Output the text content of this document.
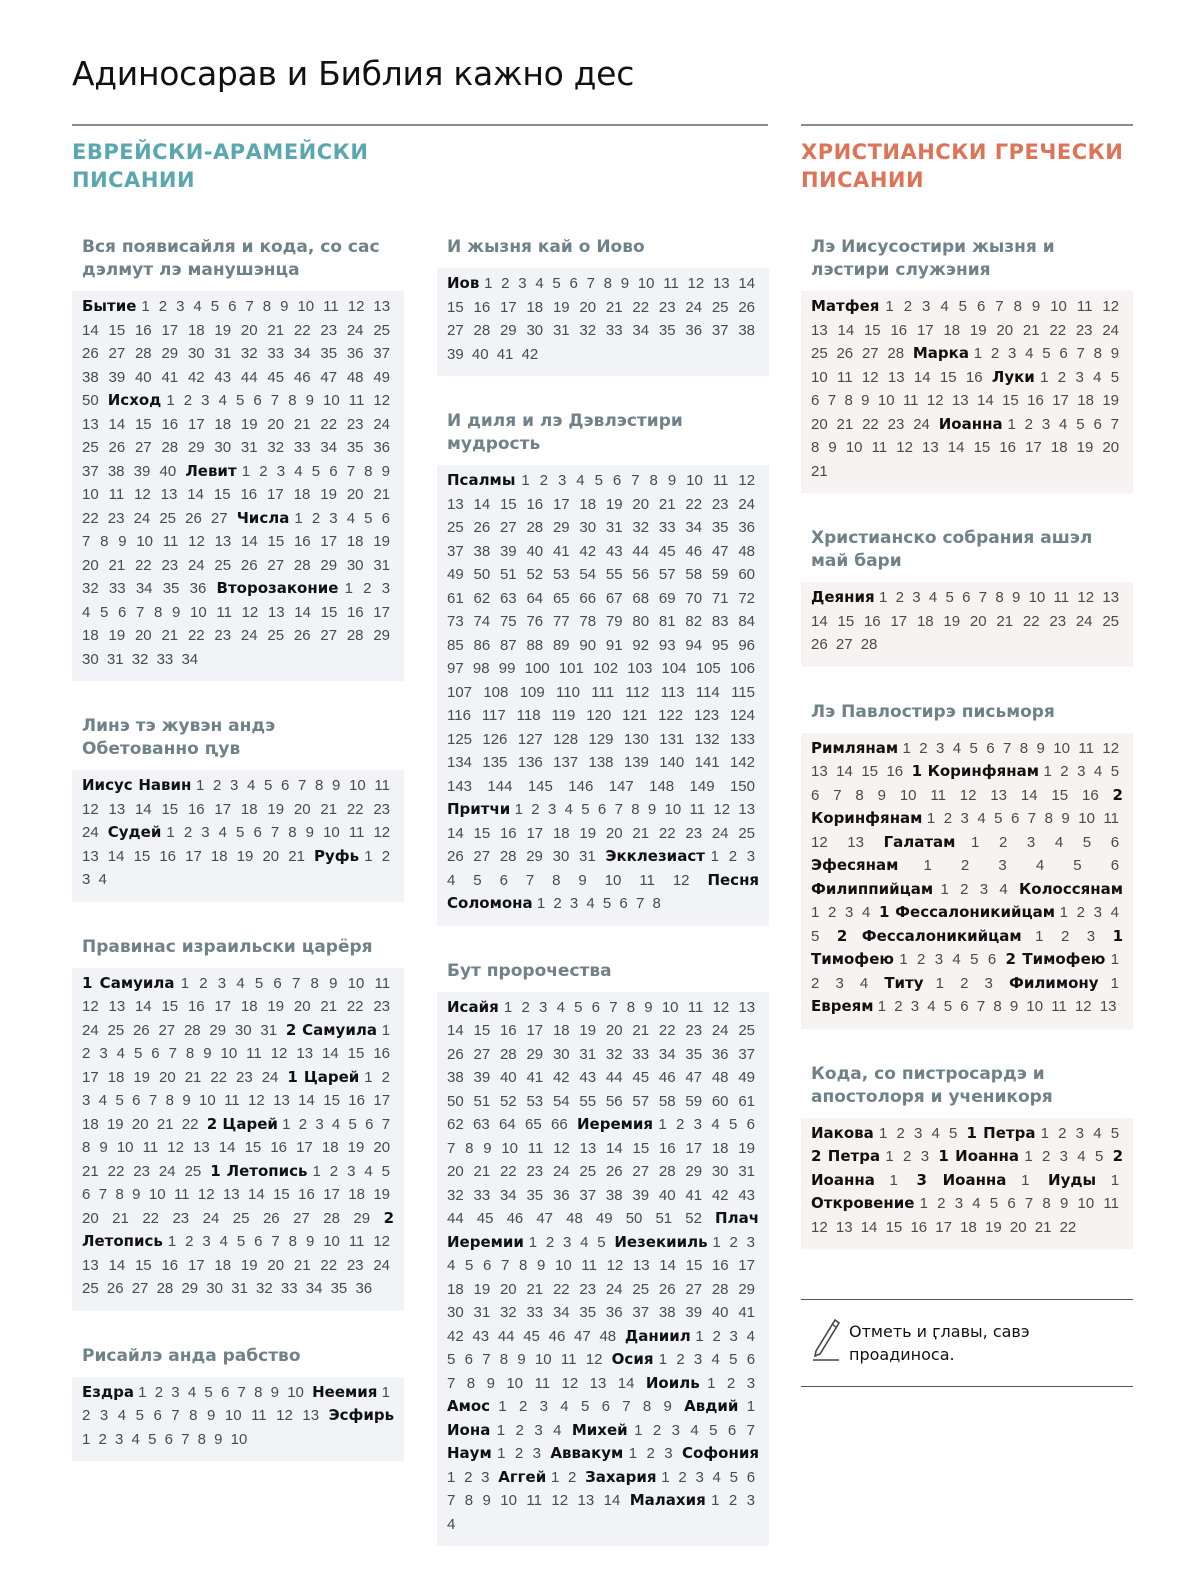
Адиносарав и Библия кажно дес
ЕВРЕЙСКИ-АРАМЕЙСКИ ПИСАНИИ
ХРИСТИАНСКИ ГРЕЧЕСКИ ПИСАНИИ
Вся появисайля и кода, со сас дэлмут лэ манушэнца
Бытие 1 2 3 4 5 6 7 8 9 10 11 12 13 14 15 16 17 18 19 20 21 22 23 24 25 26 27 28 29 30 31 32 33 34 35 36 37 38 39 40 41 42 43 44 45 46 47 48 49 50 Исход 1 2 3 4 5 6 7 8 9 10 11 12 13 14 15 16 17 18 19 20 21 22 23 24 25 26 27 28 29 30 31 32 33 34 35 36 37 38 39 40 Левит 1 2 3 4 5 6 7 8 9 10 11 12 13 14 15 16 17 18 19 20 21 22 23 24 25 26 27 Числа 1 2 3 4 5 6 7 8 9 10 11 12 13 14 15 16 17 18 19 20 21 22 23 24 25 26 27 28 29 30 31 32 33 34 35 36 Второзаконие 1 2 3 4 5 6 7 8 9 10 11 12 13 14 15 16 17 18 19 20 21 22 23 24 25 26 27 28 29 30 31 32 33 34
Линэ тэ жувэн андэ Обетованно ԥув
Иисус Навин 1 2 3 4 5 6 7 8 9 10 11 12 13 14 15 16 17 18 19 20 21 22 23 24 Судей 1 2 3 4 5 6 7 8 9 10 11 12 13 14 15 16 17 18 19 20 21 Руфь 1 2 3 4
Правинас израильски царёря
1 Самуила 1 2 3 4 5 6 7 8 9 10 11 12 13 14 15 16 17 18 19 20 21 22 23 24 25 26 27 28 29 30 31 2 Самуила 1 2 3 4 5 6 7 8 9 10 11 12 13 14 15 16 17 18 19 20 21 22 23 24 1 Царей 1 2 3 4 5 6 7 8 9 10 11 12 13 14 15 16 17 18 19 20 21 22 2 Царей 1 2 3 4 5 6 7 8 9 10 11 12 13 14 15 16 17 18 19 20 21 22 23 24 25 1 Летопись 1 2 3 4 5 6 7 8 9 10 11 12 13 14 15 16 17 18 19 20 21 22 23 24 25 26 27 28 29 2 Летопись 1 2 3 4 5 6 7 8 9 10 11 12 13 14 15 16 17 18 19 20 21 22 23 24 25 26 27 28 29 30 31 32 33 34 35 36
Рисайлэ анда рабство
Ездра 1 2 3 4 5 6 7 8 9 10 Неемия 1 2 3 4 5 6 7 8 9 10 11 12 13 Эсфирь 1 2 3 4 5 6 7 8 9 10
И жызня кай о Иово
Иов 1 2 3 4 5 6 7 8 9 10 11 12 13 14 15 16 17 18 19 20 21 22 23 24 25 26 27 28 29 30 31 32 33 34 35 36 37 38 39 40 41 42
И диля и лэ Дэвлэстири мудрость
Псалмы 1 2 3 4 5 6 7 8 9 10 11 12 13 14 15 16 17 18 19 20 21 22 23 24 25 26 27 28 29 30 31 32 33 34 35 36 37 38 39 40 41 42 43 44 45 46 47 48 49 50 51 52 53 54 55 56 57 58 59 60 61 62 63 64 65 66 67 68 69 70 71 72 73 74 75 76 77 78 79 80 81 82 83 84 85 86 87 88 89 90 91 92 93 94 95 96 97 98 99 100 101 102 103 104 105 106 107 108 109 110 111 112 113 114 115 116 117 118 119 120 121 122 123 124 125 126 127 128 129 130 131 132 133 134 135 136 137 138 139 140 141 142 143 144 145 146 147 148 149 150 Притчи 1 2 3 4 5 6 7 8 9 10 11 12 13 14 15 16 17 18 19 20 21 22 23 24 25 26 27 28 29 30 31 Экклезиаст 1 2 3 4 5 6 7 8 9 10 11 12 Песня Соломона 1 2 3 4 5 6 7 8
Бут пророчества
Исайя 1 2 3 4 5 6 7 8 9 10 11 12 13 14 15 16 17 18 19 20 21 22 23 24 25 26 27 28 29 30 31 32 33 34 35 36 37 38 39 40 41 42 43 44 45 46 47 48 49 50 51 52 53 54 55 56 57 58 59 60 61 62 63 64 65 66 Иеремия 1 2 3 4 5 6 7 8 9 10 11 12 13 14 15 16 17 18 19 20 21 22 23 24 25 26 27 28 29 30 31 32 33 34 35 36 37 38 39 40 41 42 43 44 45 46 47 48 49 50 51 52 Плач Иеремии 1 2 3 4 5 Иезекииль 1 2 3 4 5 6 7 8 9 10 11 12 13 14 15 16 17 18 19 20 21 22 23 24 25 26 27 28 29 30 31 32 33 34 35 36 37 38 39 40 41 42 43 44 45 46 47 48 Даниил 1 2 3 4 5 6 7 8 9 10 11 12 Осия 1 2 3 4 5 6 7 8 9 10 11 12 13 14 Иоиль 1 2 3 Амос 1 2 3 4 5 6 7 8 9 Авдий 1 Иона 1 2 3 4 Михей 1 2 3 4 5 6 7 Наум 1 2 3 Аввакум 1 2 3 Софония 1 2 3 Аггей 1 2 Захария 1 2 3 4 5 6 7 8 9 10 11 12 13 14 Малахия 1 2 3 4
Лэ Иисусостири жызня и лэстири служэния
Матфея 1 2 3 4 5 6 7 8 9 10 11 12 13 14 15 16 17 18 19 20 21 22 23 24 25 26 27 28 Марка 1 2 3 4 5 6 7 8 9 10 11 12 13 14 15 16 Луки 1 2 3 4 5 6 7 8 9 10 11 12 13 14 15 16 17 18 19 20 21 22 23 24 Иоанна 1 2 3 4 5 6 7 8 9 10 11 12 13 14 15 16 17 18 19 20 21
Христианско собрания ашэл май бари
Деяния 1 2 3 4 5 6 7 8 9 10 11 12 13 14 15 16 17 18 19 20 21 22 23 24 25 26 27 28
Лэ Павлостирэ письморя
Римлянам 1 2 3 4 5 6 7 8 9 10 11 12 13 14 15 16 1 Коринфянам 1 2 3 4 5 6 7 8 9 10 11 12 13 14 15 16 2 Коринфянам 1 2 3 4 5 6 7 8 9 10 11 12 13 Галатам 1 2 3 4 5 6 Эфесянам 1 2 3 4 5 6 Филиппийцам 1 2 3 4 Колоссянам 1 2 3 4 1 Фессалоникийцам 1 2 3 4 5 2 Фессалоникийцам 1 2 3 1 Тимофею 1 2 3 4 5 6 2 Тимофею 1 2 3 4 Титу 1 2 3 Филимону 1 Евреям 1 2 3 4 5 6 7 8 9 10 11 12 13
Кода, со пистросардэ и апостолоря и ученикоря
Иакова 1 2 3 4 5 1 Петра 1 2 3 4 5 2 Петра 1 2 3 1 Иоанна 1 2 3 4 5 2 Иоанна 1 3 Иоанна 1 Иуды 1 Откровение 1 2 3 4 5 6 7 8 9 10 11 12 13 14 15 16 17 18 19 20 21 22
Отметь и ӷлавы, савэ проадиноса.
